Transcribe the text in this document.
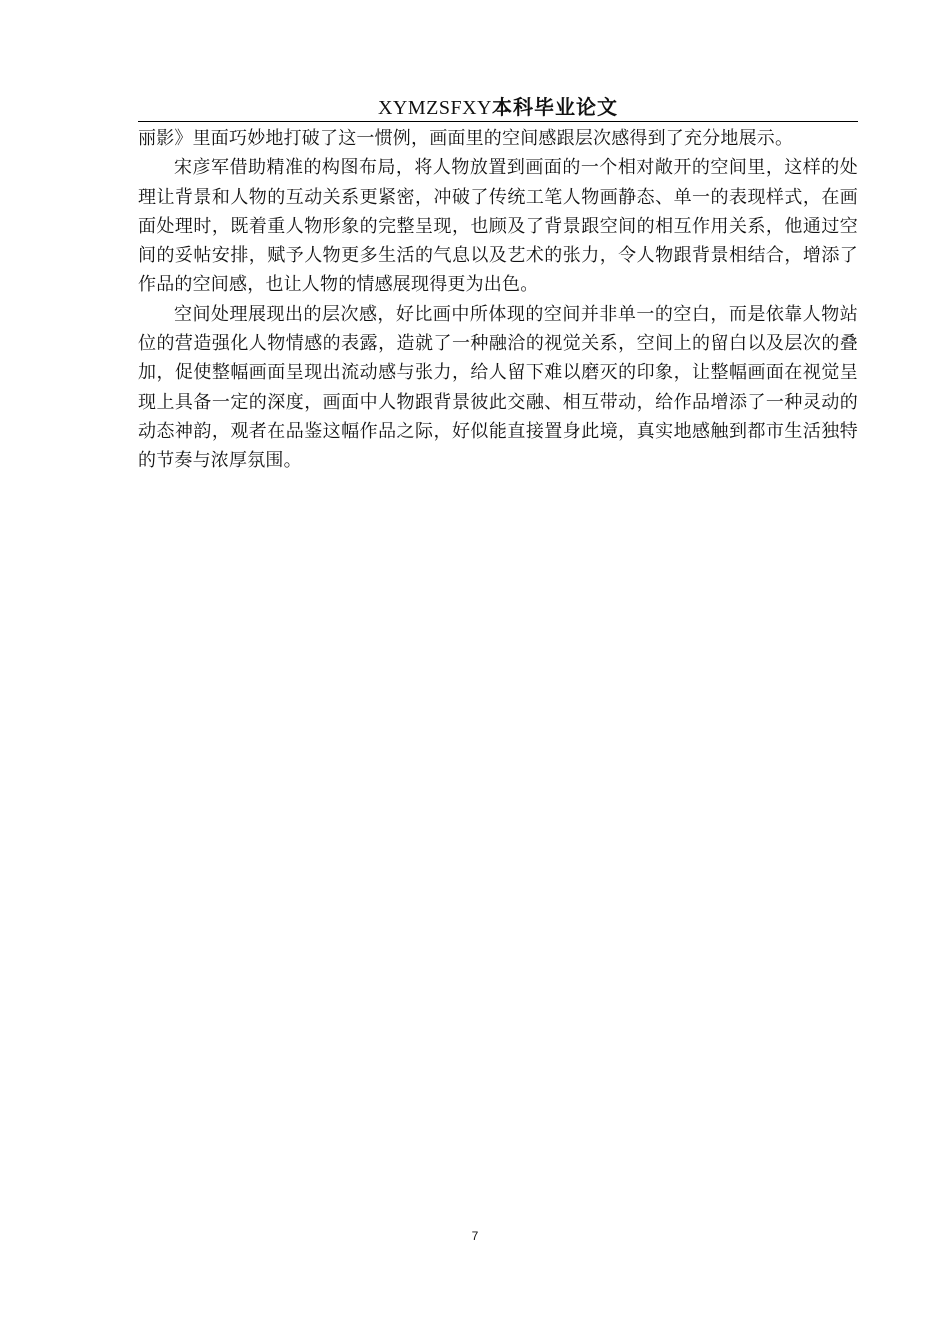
XYMZSFXY本科毕业论文

丽影》里面巧妙地打破了这一惯例，画面里的空间感跟层次感得到了充分地展示。

宋彦军借助精准的构图布局，将人物放置到画面的一个相对敞开的空间里，这样的处理让背景和人物的互动关系更紧密，冲破了传统工笔人物画静态、单一的表现样式，在画面处理时，既着重人物形象的完整呈现，也顾及了背景跟空间的相互作用关系，他通过空间的妥帖安排，赋予人物更多生活的气息以及艺术的张力，令人物跟背景相结合，增添了作品的空间感，也让人物的情感展现得更为出色。

空间处理展现出的层次感，好比画中所体现的空间并非单一的空白，而是依靠人物站位的营造强化人物情感的表露，造就了一种融洽的视觉关系，空间上的留白以及层次的叠加，促使整幅画面呈现出流动感与张力，给人留下难以磨灭的印象，让整幅画面在视觉呈现上具备一定的深度，画面中人物跟背景彼此交融、相互带动，给作品增添了一种灵动的动态神韵，观者在品鉴这幅作品之际，好似能直接置身此境，真实地感触到都市生活独特的节奏与浓厚氛围。

7
